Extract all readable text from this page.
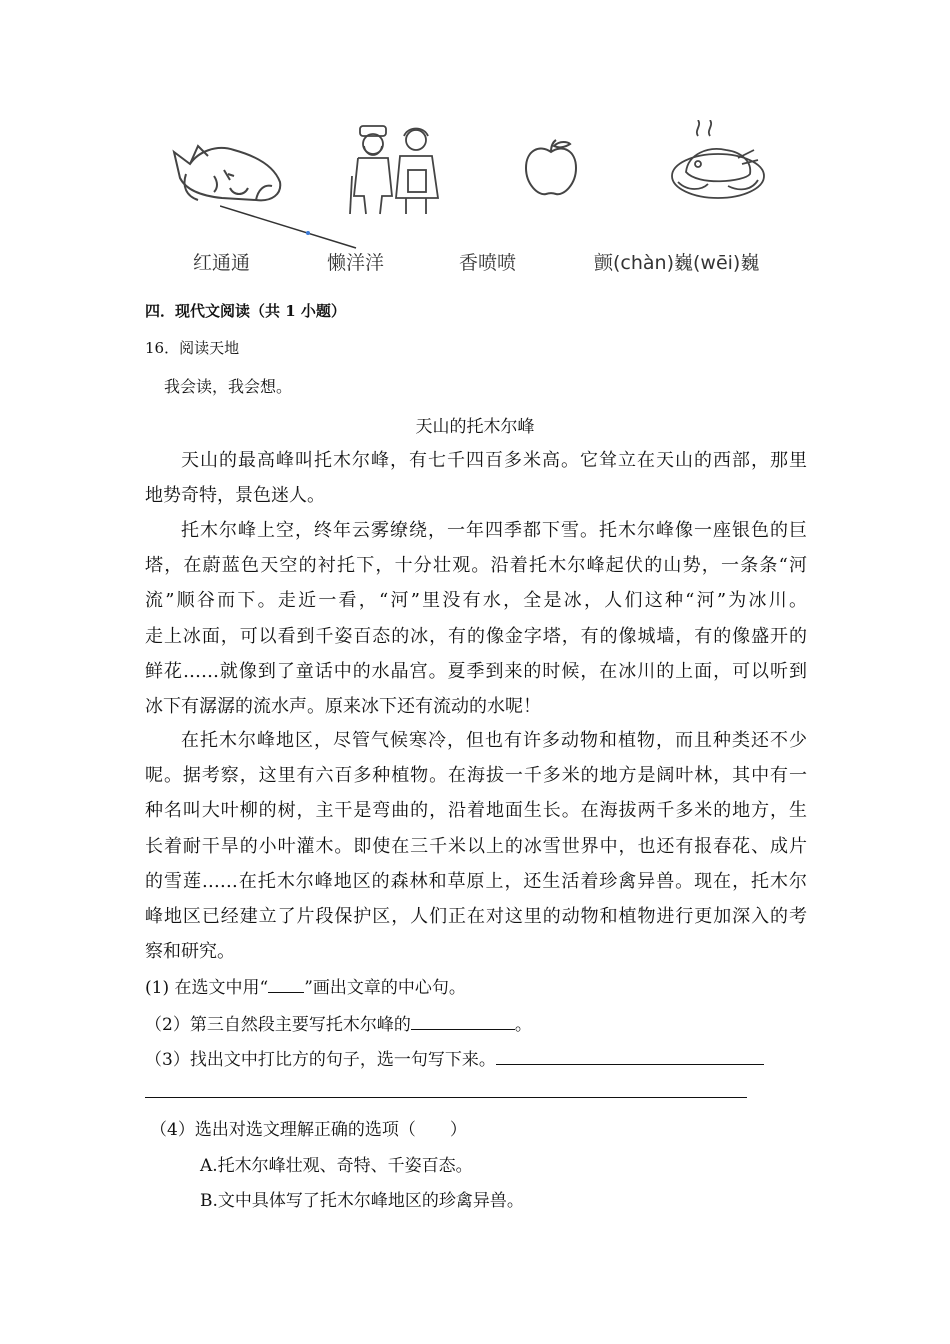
红通通	懒洋洋	香喷喷	颤(chàn)巍(wēi)巍
四．现代文阅读（共 1 小题）
16．阅读天地
我会读，我会想。
天山的托木尔峰
天山的最高峰叫托木尔峰，有七千四百多米高。它耸立在天山的西部，那里
地势奇特，景色迷人。
托木尔峰上空，终年云雾缭绕，一年四季都下雪。托木尔峰像一座银色的巨
塔，在蔚蓝色天空的衬托下，十分壮观。沿着托木尔峰起伏的山势，一条条“河
流”顺谷而下。走近一看，“河”里没有水，全是冰，人们这种“河”为冰川。
走上冰面，可以看到千姿百态的冰，有的像金字塔，有的像城墙，有的像盛开的
鲜花……就像到了童话中的水晶宫。夏季到来的时候，在冰川的上面，可以听到
冰下有潺潺的流水声。原来冰下还有流动的水呢！
在托木尔峰地区，尽管气候寒冷，但也有许多动物和植物，而且种类还不少
呢。据考察，这里有六百多种植物。在海拔一千多米的地方是阔叶林，其中有一
种名叫大叶柳的树，主干是弯曲的，沿着地面生长。在海拔两千多米的地方，生
长着耐干旱的小叶灌木。即使在三千米以上的冰雪世界中，也还有报春花、成片
的雪莲……在托木尔峰地区的森林和草原上，还生活着珍禽异兽。现在，托木尔
峰地区已经建立了片段保护区，人们正在对这里的动物和植物进行更加深入的考
察和研究。
(1) 在选文中用“ ”画出文章的中心句。
（2）第三自然段主要写托木尔峰的	。
（3）找出文中打比方的句子，选一句写下来。
（4）选出对选文理解正确的选项（　　）
A.托木尔峰壮观、奇特、千姿百态。
B.文中具体写了托木尔峰地区的珍禽异兽。
